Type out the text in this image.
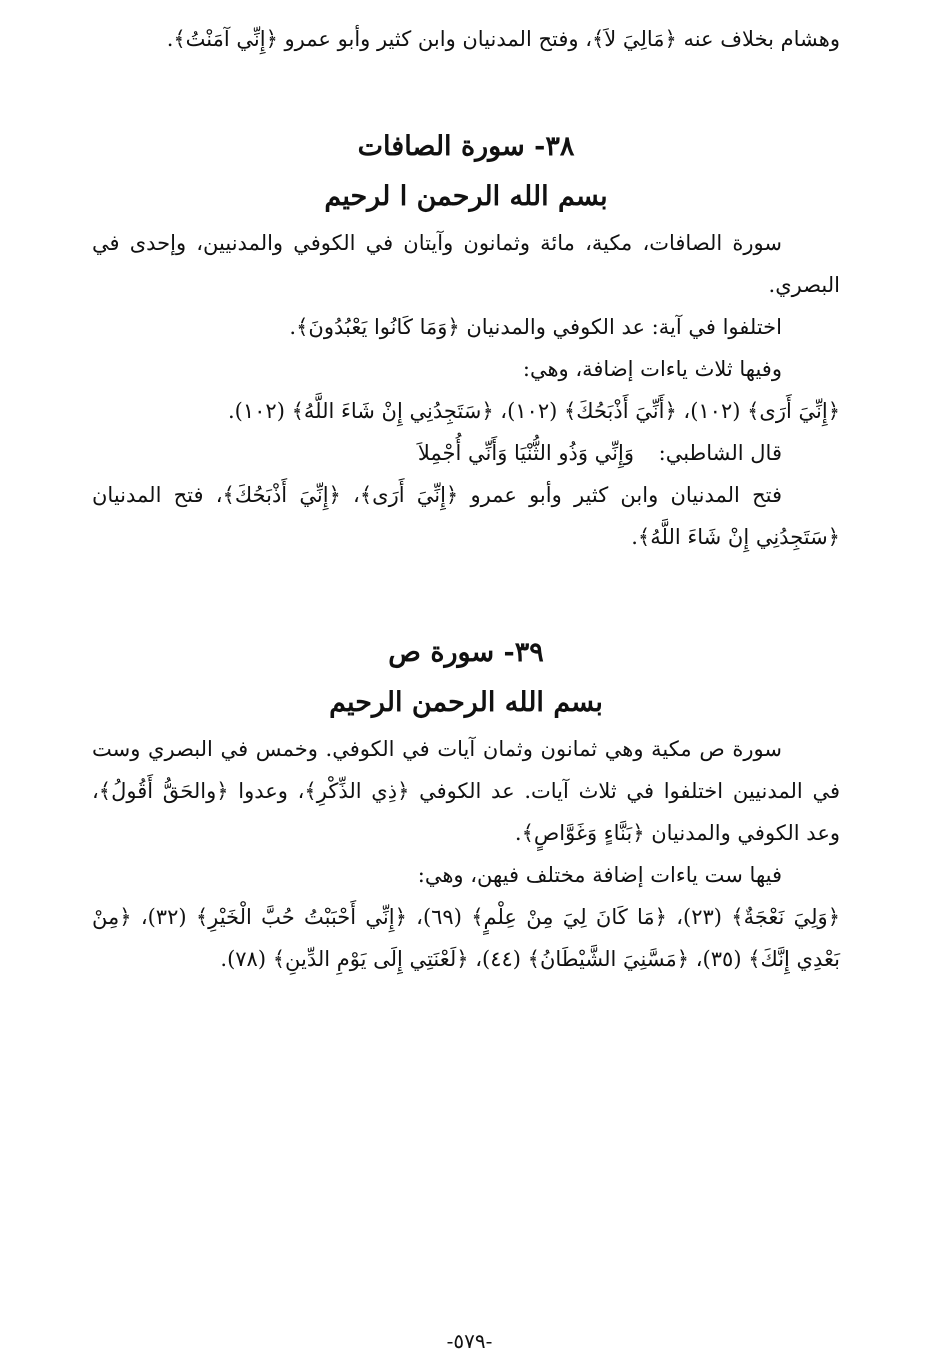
وهشام بخلاف عنه ﴿مَالِيَ لاَ﴾، وفتح المدنيان وابن كثير وأبو عمرو ﴿إِنِّي آمَنْتُ﴾.

٣٨- سورة الصافات
بسم الله الرحمن ا لرحيم

سورة الصافات، مكية، مائة وثمانون وآيتان في الكوفي والمدنيين، وإحدى في البصري.

اختلفوا في آية: عد الكوفي والمدنيان ﴿وَمَا كَانُوا يَعْبُدُونَ﴾.

وفيها ثلاث ياءات إضافة، وهي:

﴿إِنِّيَ أَرَى﴾ (١٠٢)، ﴿أَنِّيَ أَذْبَحُكَ﴾ (١٠٢)، ﴿سَتَجِدُنِي إِنْ شَاءَ اللَّهُ﴾ (١٠٢).

قال الشاطبي:
وَإِنِّي وَذُو الثُّنْيَا وَأَنِّي أُجْمِلاَ

فتح المدنيان وابن كثير وأبو عمرو ﴿إِنِّيَ أَرَى﴾، ﴿إِنِّيَ أَذْبَحُكَ﴾، فتح المدنيان ﴿سَتَجِدُنِي إِنْ شَاءَ اللَّهُ﴾.

٣٩- سورة ص
بسم الله الرحمن الرحيم

سورة ص مكية وهي ثمانون وثمان آيات في الكوفي. وخمس في البصري وست في المدنيين اختلفوا في ثلاث آيات. عد الكوفي ﴿ذِي الذِّكْرِ﴾، وعدوا ﴿والحَقُّ أَقُولُ﴾، وعد الكوفي والمدنيان ﴿بَنَّاءٍ وَغَوَّاصٍ﴾.

فيها ست ياءات إضافة مختلف فيهن، وهي:

﴿وَلِيَ نَعْجَةٌ﴾ (٢٣)، ﴿مَا كَانَ لِيَ مِنْ عِلْمٍ﴾ (٦٩)، ﴿إِنِّي أَحْبَبْتُ حُبَّ الْخَيْرِ﴾ (٣٢)، ﴿مِنْ بَعْدِي إِنَّكَ﴾ (٣٥)، ﴿مَسَّنِيَ الشَّيْطَانُ﴾ (٤٤)، ﴿لَعْنَتِي إِلَى يَوْمِ الدِّينِ﴾ (٧٨).

-٥٧٩-
